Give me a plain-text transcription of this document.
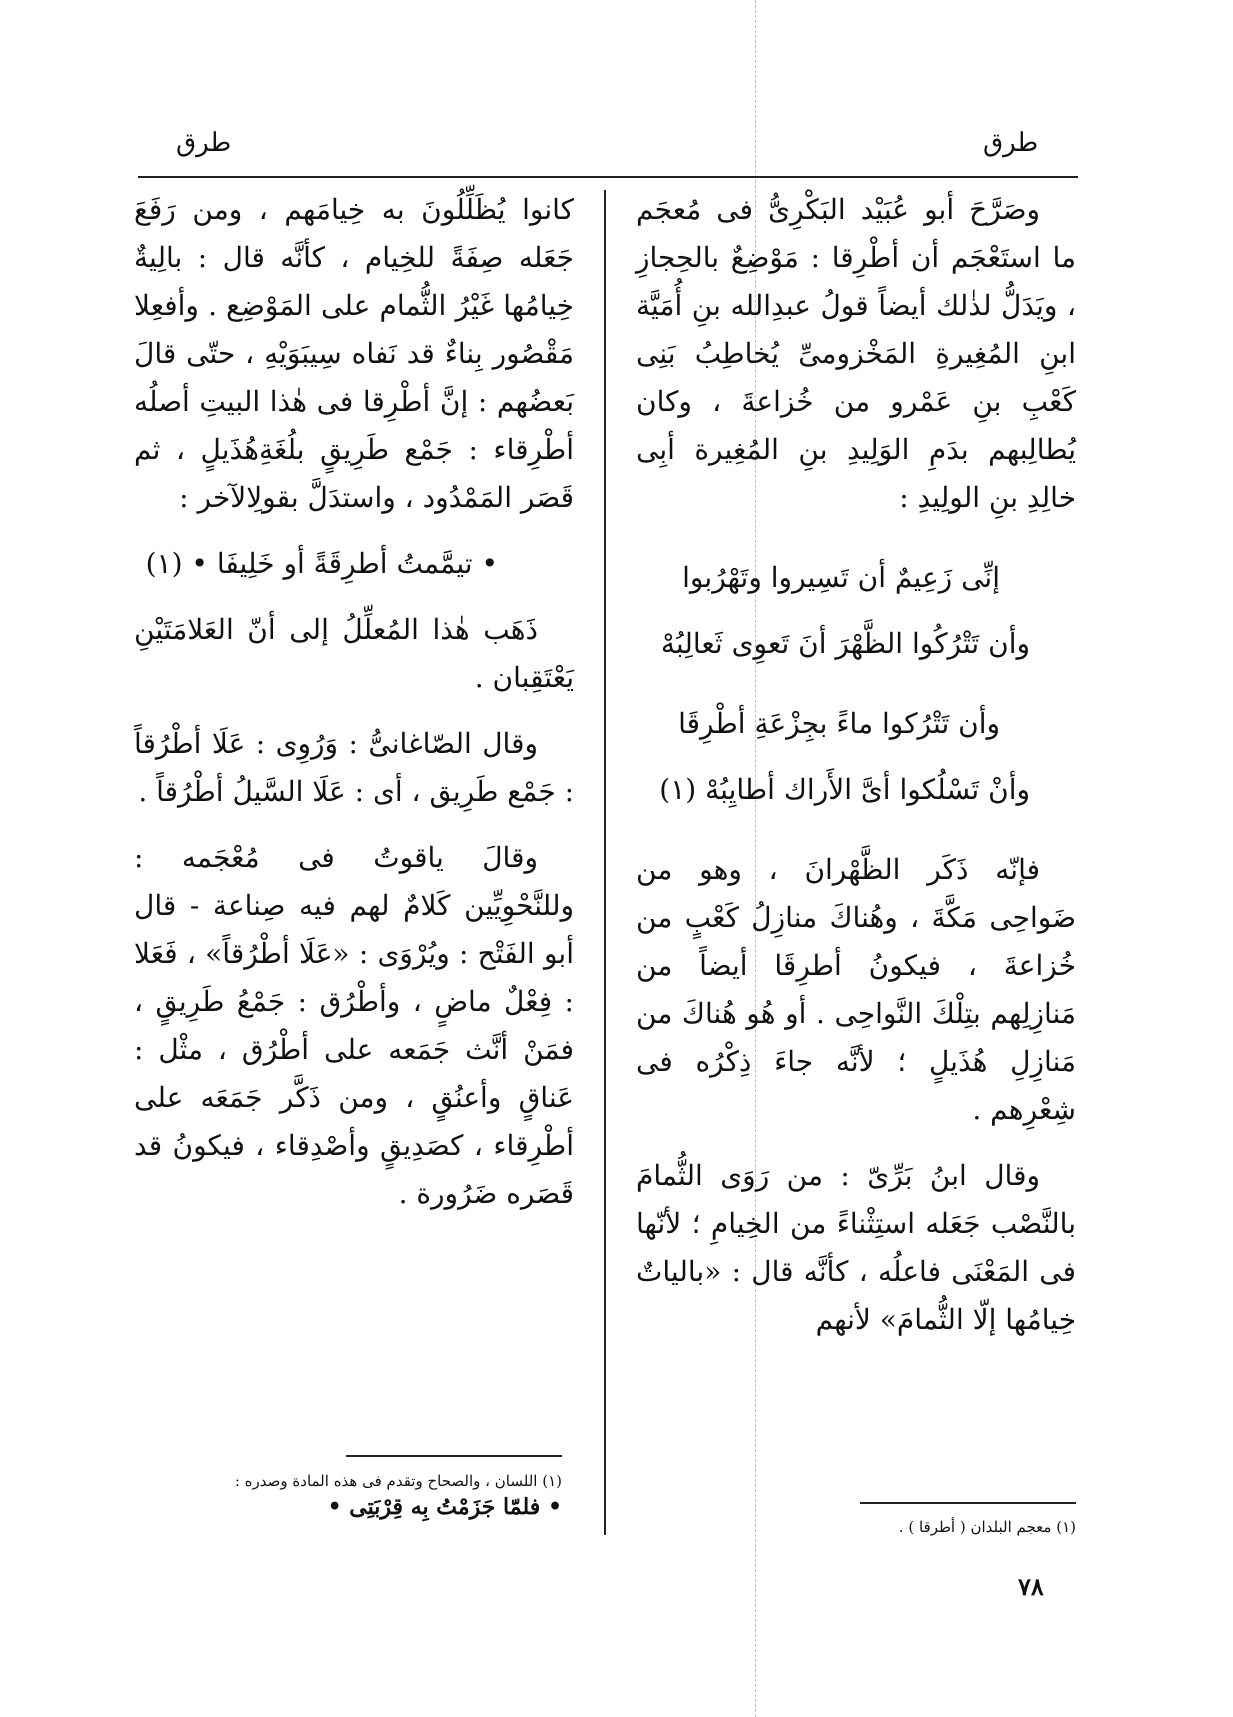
طرق	طرق

وصَرَّحَ أبو عُبَيْد البَكْرِىُّ فى مُعجَم ما استَعْجَم أن أطْرِقا : مَوْضِعٌ بالحِجازِ ، ويَدَلُّ لذٰلك أيضاً قولُ عبدِالله بنِ أُمَيَّة ابنِ المُغِيرةِ المَخْزومىِّ يُخاطِبُ بَنِى كَعْبِ بنِ عَمْرو من خُزاعةَ ، وكان يُطالِبهم بدَمِ الوَلِيدِ بنِ المُغِيرة أبِى خالِدِ بنِ الولِيدِ :

إنِّى زَعِيمٌ أن تَسِيروا وتَهْرُبوا

وأن تَتْرُكُوا الظَّهْرَ أنَ تَعوِى ثَعالِبُهْ

وأن تَتْرُكوا ماءً بجِزْعَةِ أطْرِقَا

وأنْ تَسْلُكوا أىَّ الأَراك أطايِبُهْ (١)

فإنّه ذَكَر الظَّهْرانَ ، وهو من ضَواحِى مَكَّةَ ، وهُناكَ منازِلُ كَعْبٍ من خُزاعةَ ، فيكونُ أطرِقَا أيضاً من مَنازِلِهم بتِلْكَ النَّواحِى . أو هُو هُناكَ من مَنازِلِ هُذَيلٍ ؛ لأنَّه جاءَ ذِكْرُه فى شِعْرِهم .

وقال ابنُ بَرِّىّ : من رَوَى الثُّمامَ بالنَّصْب جَعَله استِثْناءً من الخِيامِ ؛ لأنّها فى المَعْنَى فاعلُه ، كأنَّه قال : «بالياتٌ خِيامُها إلّا الثُّمامَ» لأنهم

كانوا يُظَلِّلُونَ به خِيامَهم ، ومن رَفَعَ جَعَله صِفَةً للخِيام ، كأنَّه قال : بالِيةٌ خِيامُها غَيْرُ الثُّمام على المَوْضِع . وأفعِلا مَقْصُور بِناءٌ قد نَفاه سِيبَوَيْهِ ، حتّى قالَ بَعضُهم : إنَّ أطْرِقا فى هٰذا البيتِ أصلُه أطْرِقاء : جَمْع طَرِيقٍ بلُغَةِهُذَيلٍ ، ثم قَصَر المَمْدُود ، واستدَلَّ بقولِالآخر :

• تيمَّمتُ أطرِقَةً أو خَلِيفَا • (١)

ذَهَب هٰذا المُعلِّلُ إلى أنّ العَلامَتَيْنِ يَعْتَقِبان .

وقال الصّاغانىُّ : وَرُوِى : عَلَا أطْرُقاً : جَمْع طَرِيق ، أى : عَلَا السَّيلُ أطْرُقاً .

وقالَ ياقوتُ فى مُعْجَمه : وللنَّحْوِيِّين كَلامٌ لهم فيه صِناعة - قال أبو الفَتْح : ويُرْوَى : «عَلَا أطْرُقاً» ، فَعَلا : فِعْلٌ ماضٍ ، وأطْرُق : جَمْعُ طَرِيقٍ ، فمَنْ أنَّث جَمَعه على أطْرُق ، مثْل : عَناقٍ وأعنُقٍ ، ومن ذَكَّر جَمَعَه على أطْرِقاء ، كصَدِيقٍ وأصْدِقاء ، فيكونُ قد قَصَره ضَرُورة .

(١) معجم البلدان ( أطرقا ) .
(١) اللسان ، والصحاح وتقدم فى هذه المادة وصدره :
• فلمّا جَزَمْتُ بِه قِرْبَتِى •
٧٨
